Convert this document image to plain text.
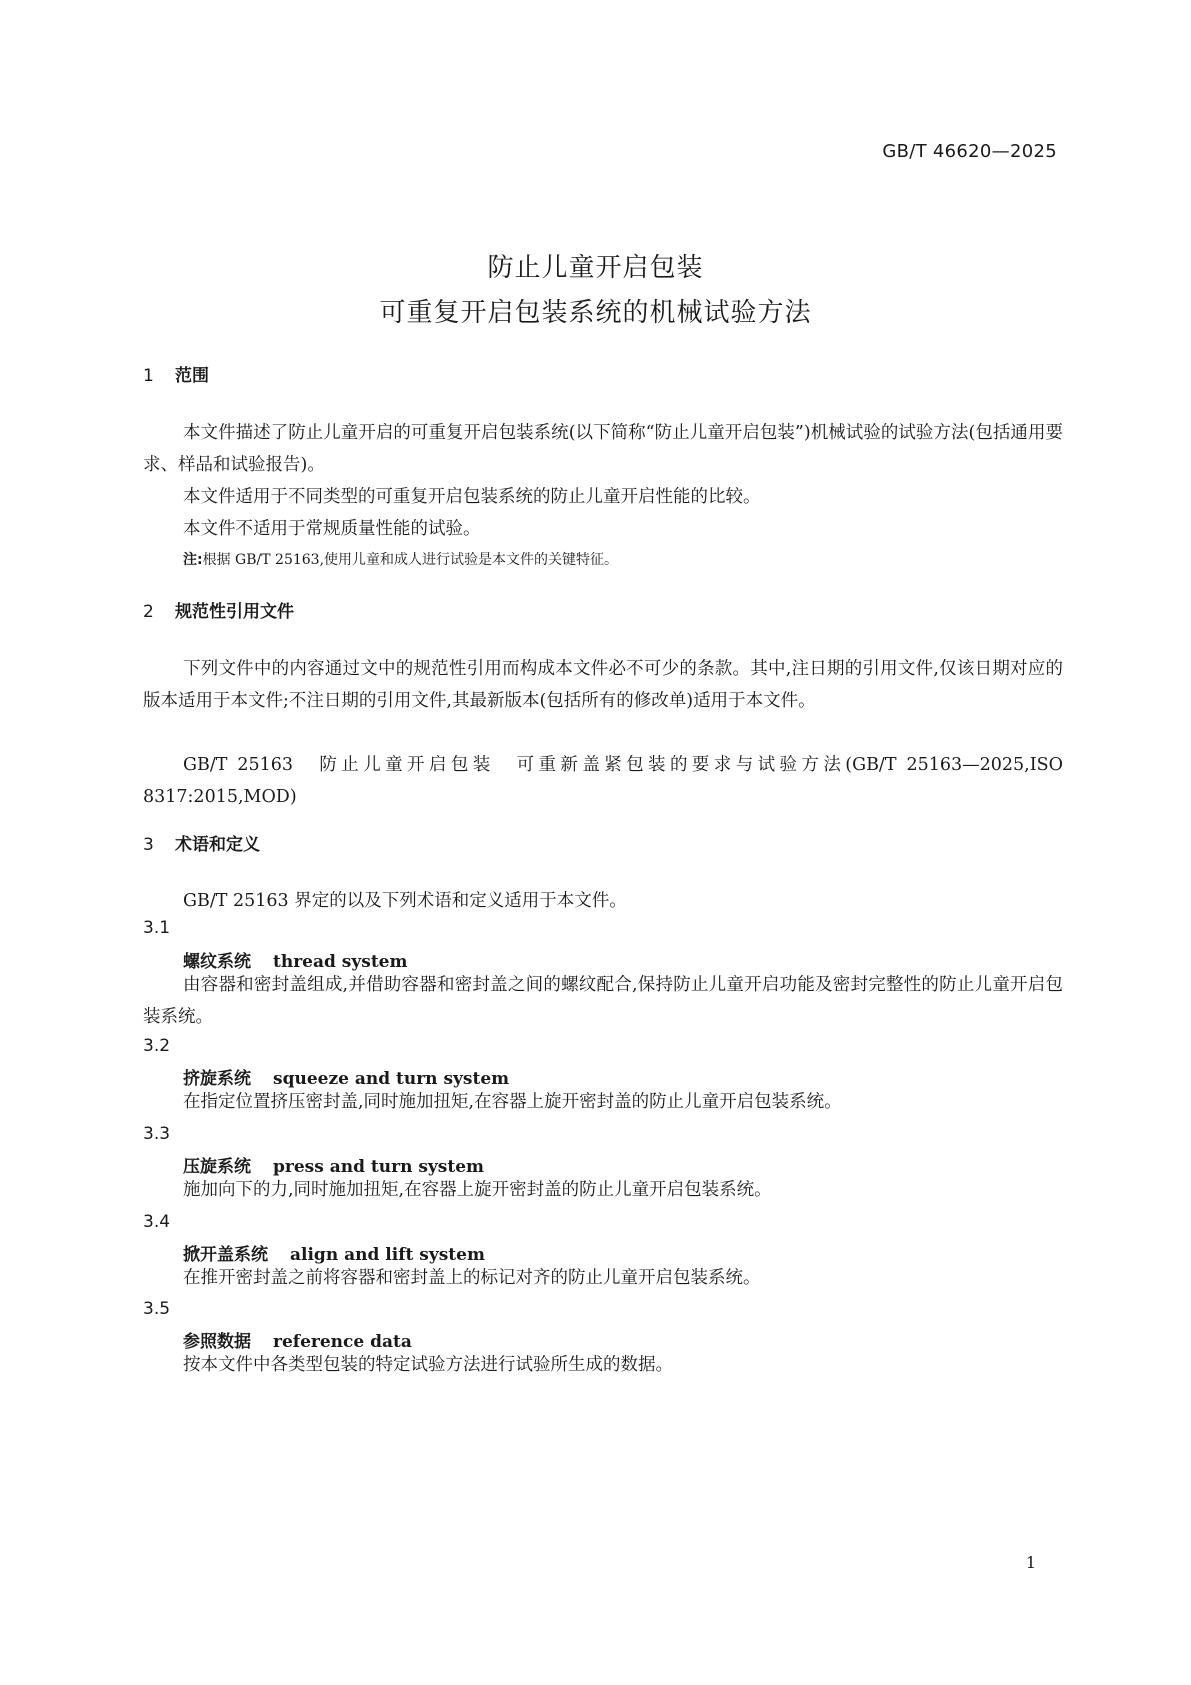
GB/T 46620—2025
防止儿童开启包装
可重复开启包装系统的机械试验方法
1 范围
本文件描述了防止儿童开启的可重复开启包装系统(以下简称“防止儿童开启包装”)机械试验的试验方法(包括通用要求、样品和试验报告)。
本文件适用于不同类型的可重复开启包装系统的防止儿童开启性能的比较。
本文件不适用于常规质量性能的试验。
注:根据 GB/T 25163,使用儿童和成人进行试验是本文件的关键特征。
2 规范性引用文件
下列文件中的内容通过文中的规范性引用而构成本文件必不可少的条款。其中,注日期的引用文件,仅该日期对应的版本适用于本文件;不注日期的引用文件,其最新版本(包括所有的修改单)适用于本文件。
GB/T 25163　防止儿童开启包装　可重新盖紧包装的要求与试验方法(GB/T 25163—2025,ISO 8317:2015,MOD)
3 术语和定义
GB/T 25163 界定的以及下列术语和定义适用于本文件。
3.1
螺纹系统 thread system
由容器和密封盖组成,并借助容器和密封盖之间的螺纹配合,保持防止儿童开启功能及密封完整性的防止儿童开启包装系统。
3.2
挤旋系统 squeeze and turn system
在指定位置挤压密封盖,同时施加扭矩,在容器上旋开密封盖的防止儿童开启包装系统。
3.3
压旋系统 press and turn system
施加向下的力,同时施加扭矩,在容器上旋开密封盖的防止儿童开启包装系统。
3.4
掀开盖系统 align and lift system
在推开密封盖之前将容器和密封盖上的标记对齐的防止儿童开启包装系统。
3.5
参照数据 reference data
按本文件中各类型包装的特定试验方法进行试验所生成的数据。
1
